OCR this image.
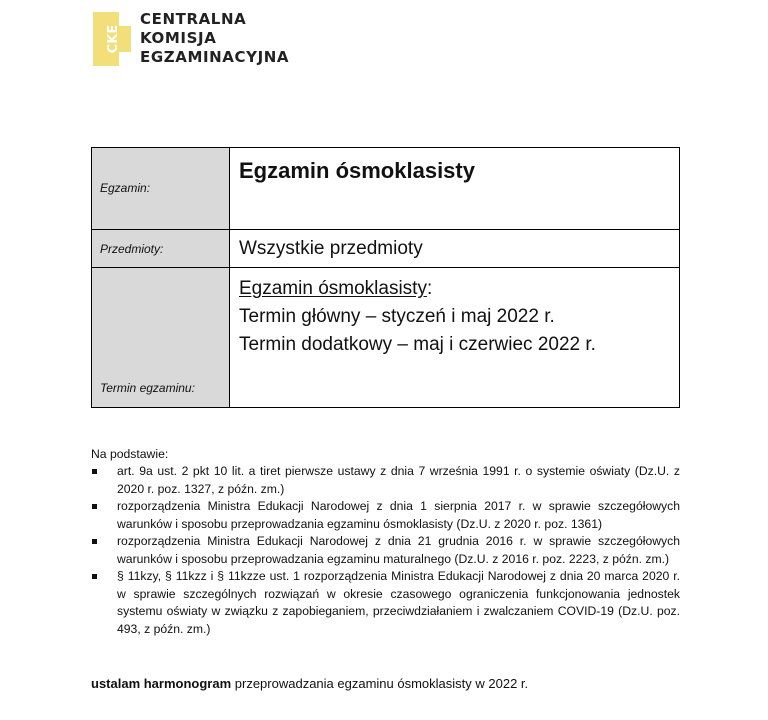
CKE
CENTRALNA
KOMISJA
EGZAMINACYJNA
Egzamin:	Egzamin ósmoklasisty

Przedmioty:	Wszystkie przedmioty

Termin egzaminu:	Egzamin ósmoklasisty:
Termin główny – styczeń i maj 2022 r.
Termin dodatkowy – maj i czerwiec 2022 r.
Na podstawie:
art. 9a ust. 2 pkt 10 lit. a tiret pierwsze ustawy z dnia 7 września 1991 r. o systemie oświaty (Dz.U. z 2020 r. poz. 1327, z późn. zm.)
rozporządzenia Ministra Edukacji Narodowej z dnia 1 sierpnia 2017 r. w sprawie szczegółowych warunków i sposobu przeprowadzania egzaminu ósmoklasisty (Dz.U. z 2020 r. poz. 1361)
rozporządzenia Ministra Edukacji Narodowej z dnia 21 grudnia 2016 r. w sprawie szczegółowych warunków i sposobu przeprowadzania egzaminu maturalnego (Dz.U. z 2016 r. poz. 2223, z późn. zm.)
§ 11kzy, § 11kzz i § 11kzze ust. 1 rozporządzenia Ministra Edukacji Narodowej z dnia 20 marca 2020 r. w sprawie szczególnych rozwiązań w okresie czasowego ograniczenia funkcjonowania jednostek systemu oświaty w związku z zapobieganiem, przeciwdziałaniem i zwalczaniem COVID-19 (Dz.U. poz. 493, z późn. zm.)
ustalam harmonogram przeprowadzania egzaminu ósmoklasisty w 2022 r.
